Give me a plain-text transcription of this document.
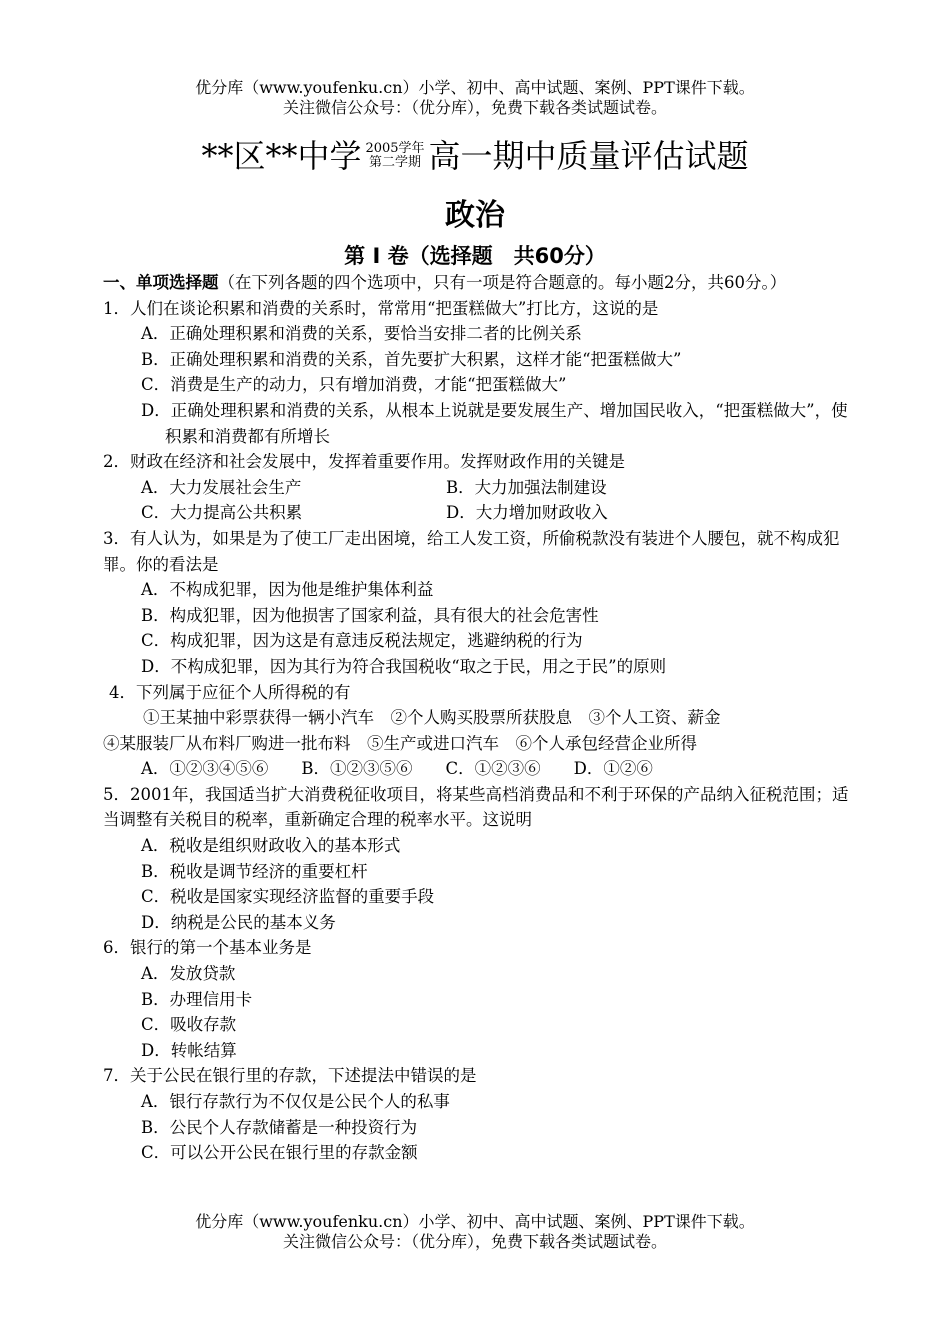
优分库（www.youfenku.cn）小学、初中、高中试题、案例、PPT课件下载。
关注微信公众号：（优分库），免费下载各类试题试卷。
**区**中学 2005学年
第二学期 高一期中质量评估试题
政治
第 I 卷（选择题　共60分）

一、单项选择题（在下列各题的四个选项中，只有一项是符合题意的。每小题2分，共60分。）

1．人们在谈论积累和消费的关系时，常常用“把蛋糕做大”打比方，这说的是

A．正确处理积累和消费的关系，要恰当安排二者的比例关系

B．正确处理积累和消费的关系，首先要扩大积累，这样才能“把蛋糕做大”

C．消费是生产的动力，只有增加消费，才能“把蛋糕做大”

D．正确处理积累和消费的关系，从根本上说就是要发展生产、增加国民收入，“把蛋糕做大”，使积累和消费都有所增长

2．财政在经济和社会发展中，发挥着重要作用。发挥财政作用的关键是

A．大力发展社会生产	B．大力加强法制建设
C．大力提高公共积累	D．大力增加财政收入

3．有人认为，如果是为了使工厂走出困境，给工人发工资，所偷税款没有装进个人腰包，就不构成犯罪。你的看法是

A．不构成犯罪，因为他是维护集体利益

B．构成犯罪，因为他损害了国家利益，具有很大的社会危害性

C．构成犯罪，因为这是有意违反税法规定，逃避纳税的行为

D．不构成犯罪，因为其行为符合我国税收“取之于民，用之于民”的原则

4．下列属于应征个人所得税的有

①王某抽中彩票获得一辆小汽车　②个人购买股票所获股息　③个人工资、薪金

④某服装厂从布料厂购进一批布料　⑤生产或进口汽车　⑥个人承包经营企业所得

A．①②③④⑤⑥　　B．①②③⑤⑥　　C．①②③⑥　　D．①②⑥

5．2001年，我国适当扩大消费税征收项目，将某些高档消费品和不利于环保的产品纳入征税范围；适当调整有关税目的税率，重新确定合理的税率水平。这说明

A．税收是组织财政收入的基本形式

B．税收是调节经济的重要杠杆

C．税收是国家实现经济监督的重要手段

D．纳税是公民的基本义务

6．银行的第一个基本业务是

A．发放贷款

B．办理信用卡

C．吸收存款

D．转帐结算

7．关于公民在银行里的存款，下述提法中错误的是

A．银行存款行为不仅仅是公民个人的私事

B．公民个人存款储蓄是一种投资行为

C．可以公开公民在银行里的存款金额

优分库（www.youfenku.cn）小学、初中、高中试题、案例、PPT课件下载。
关注微信公众号：（优分库），免费下载各类试题试卷。
